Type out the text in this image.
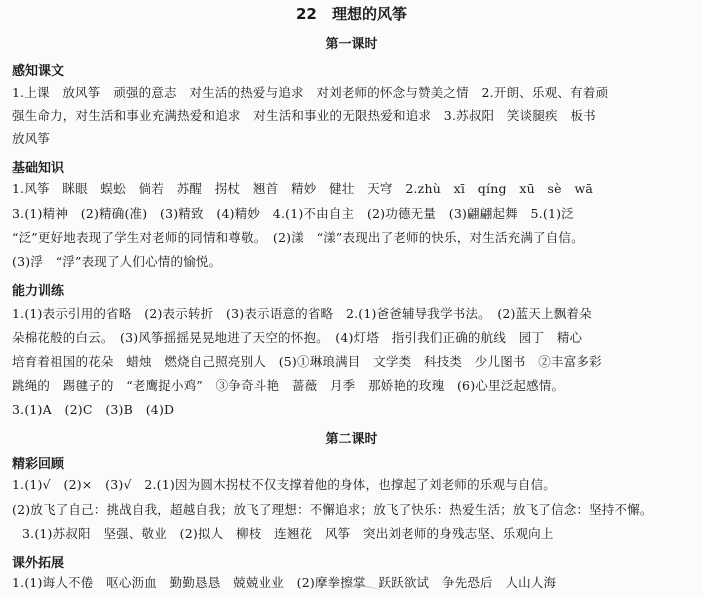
22 理想的风筝
第一课时
感知课文
1.上课　放风筝　顽强的意志　对生活的热爱与追求　对刘老师的怀念与赞美之情　2.开朗、乐观、有着顽
强生命力，对生活和事业充满热爱和追求　对生活和事业的无限热爱和追求　3.苏叔阳　笑谈腿疾　板书
放风筝
基础知识
1.风筝　眯眼　蜈蚣　倘若　苏醒　拐杖　翘首　精妙　健壮　天穹　2.zhù　xī　qíng　xū　sè　wā
3.(1)精神　(2)精确(准)　(3)精致　(4)精妙　4.(1)不由自主　(2)功德无量　(3)翩翩起舞　5.(1)泛
“泛”更好地表现了学生对老师的同情和尊敬。　(2)漾　“漾”表现出了老师的快乐，对生活充满了自信。
(3)浮　“浮”表现了人们心情的愉悦。
能力训练
1.(1)表示引用的省略　(2)表示转折　(3)表示语意的省略　2.(1)爸爸辅导我学书法。　(2)蓝天上飘着朵
朵棉花般的白云。　(3)风筝摇摇晃晃地进了天空的怀抱。　(4)灯塔　指引我们正确的航线　园丁　精心
培育着祖国的花朵　蜡烛　燃烧自己照亮别人　(5)①琳琅满目　文学类　科技类　少儿图书　②丰富多彩
跳绳的　踢毽子的　“老鹰捉小鸡”　③争奇斗艳　蔷薇　月季　那娇艳的玫瑰　(6)心里泛起感情。
3.(1)A　(2)C　(3)B　(4)D
第二课时
精彩回顾
1.(1)√　(2)×　(3)√　2.(1)因为圆木拐杖不仅支撑着他的身体，也撑起了刘老师的乐观与自信。
(2)放飞了自己：挑战自我，超越自我；放飞了理想：不懈追求；放飞了快乐：热爱生活；放飞了信念：坚持不懈。
3.(1)苏叔阳　坚强、敬业　(2)拟人　柳枝　连翘花　风筝　突出刘老师的身残志坚、乐观向上
课外拓展
1.(1)诲人不倦　呕心沥血　勤勤恳恳　兢兢业业　(2)摩拳擦掌　跃跃欲试　争先恐后　人山人海
